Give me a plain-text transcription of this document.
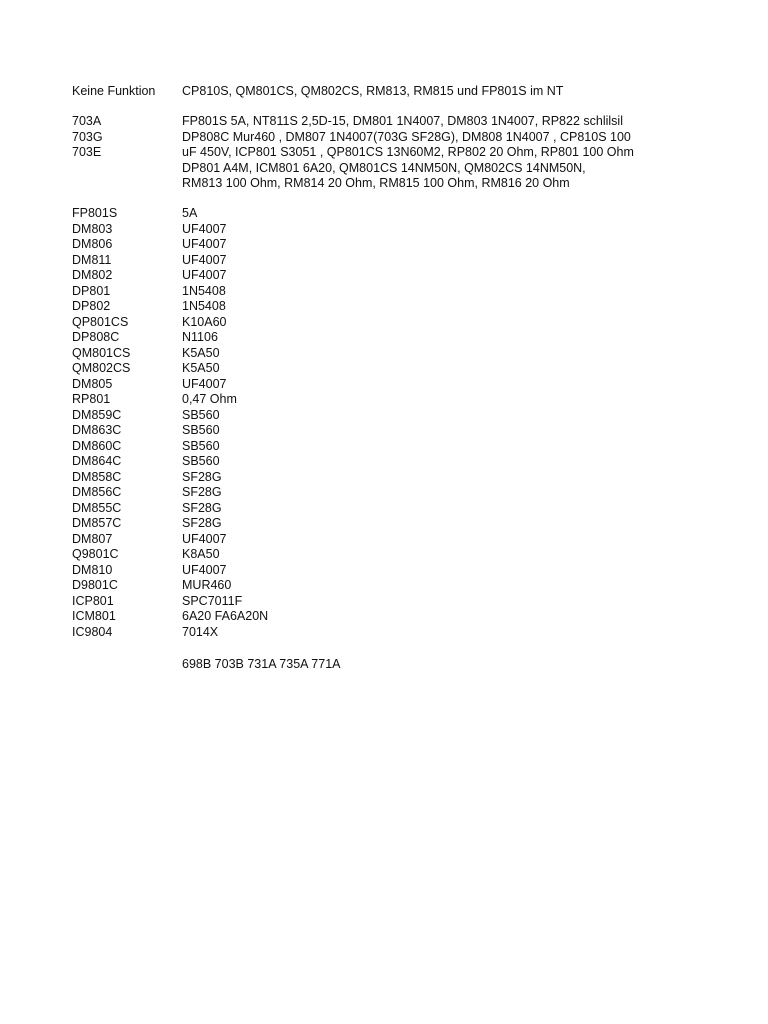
Keine Funktion	CP810S, QM801CS, QM802CS, RM813, RM815 und FP801S im NT
703A	FP801S 5A, NT811S 2,5D-15, DM801 1N4007, DM803 1N4007, RP822 schlilsil
703G	DP808C Mur460 , DM807 1N4007(703G SF28G), DM808 1N4007 , CP810S 100
703E	uF 450V, ICP801 S3051 , QP801CS 13N60M2, RP802 20 Ohm, RP801 100 Ohm
DP801 A4M, ICM801 6A20, QM801CS 14NM50N, QM802CS 14NM50N,
RM813 100 Ohm, RM814 20 Ohm, RM815 100 Ohm, RM816 20 Ohm
FP801S	5A
DM803	UF4007
DM806	UF4007
DM811	UF4007
DM802	UF4007
DP801	1N5408
DP802	1N5408
QP801CS	K10A60
DP808C	N1106
QM801CS	K5A50
QM802CS	K5A50
DM805	UF4007
RP801	0,47 Ohm
DM859C	SB560
DM863C	SB560
DM860C	SB560
DM864C	SB560
DM858C	SF28G
DM856C	SF28G
DM855C	SF28G
DM857C	SF28G
DM807	UF4007
Q9801C	K8A50
DM810	UF4007
D9801C	MUR460
ICP801	SPC7011F
ICM801	6A20 FA6A20N
IC9804	7014X
698B 703B 731A 735A 771A
